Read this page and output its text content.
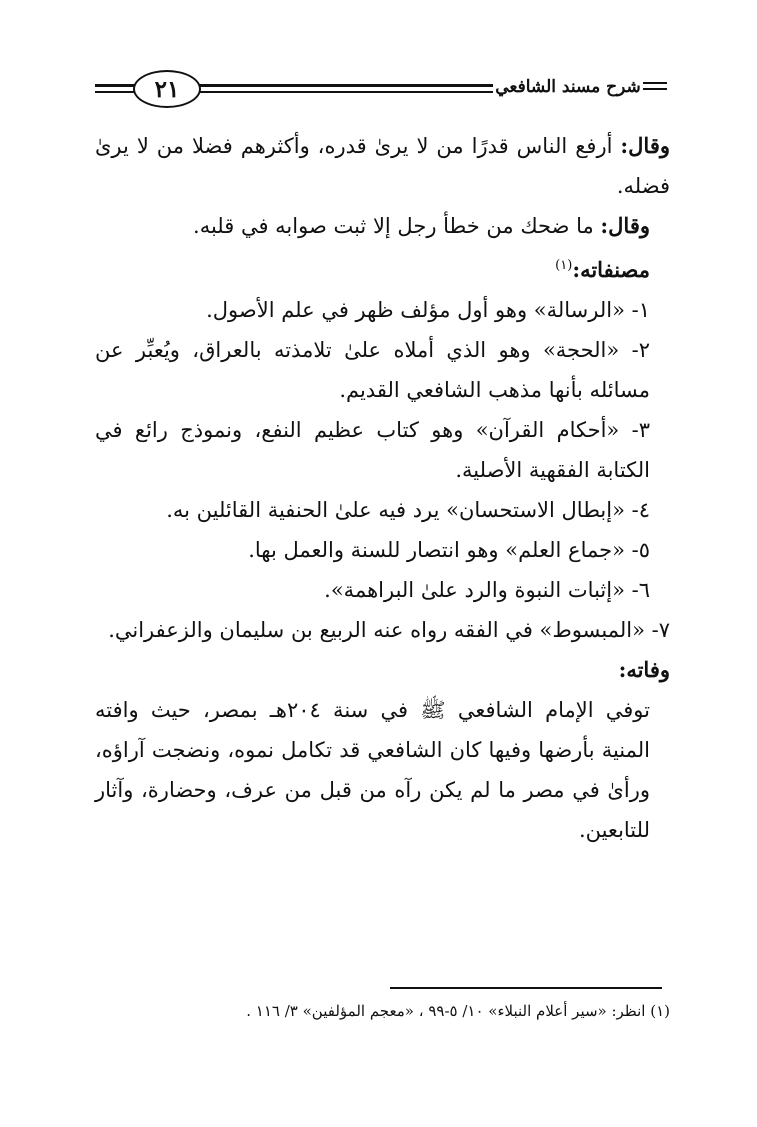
٢١	شرح مسند الشافعي

وقال: أرفع الناس قدرًا من لا يرىٰ قدره، وأكثرهم فضلا من لا يرىٰ فضله.

وقال: ما ضحك من خطأ رجل إلا ثبت صوابه في قلبه.

مصنفاته:$^{(١)}$

١- «الرسالة» وهو أول مؤلف ظهر في علم الأصول.

٢- «الحجة» وهو الذي أملاه علىٰ تلامذته بالعراق، ويُعبِّر عن مسائله بأنها مذهب الشافعي القديم.

٣- «أحكام القرآن» وهو كتاب عظيم النفع، ونموذج رائع في الكتابة الفقهية الأصلية.

٤- «إبطال الاستحسان» يرد فيه علىٰ الحنفية القائلين به.

٥- «جماع العلم» وهو انتصار للسنة والعمل بها.

٦- «إثبات النبوة والرد علىٰ البراهمة».

٧- «المبسوط» في الفقه رواه عنه الربيع بن سليمان والزعفراني.

وفاته:

توفي الإمام الشافعي ﷺ في سنة ٢٠٤هـ بمصر، حيث وافته المنية بأرضها وفيها كان الشافعي قد تكامل نموه، ونضجت آراؤه، ورأىٰ في مصر ما لم يكن رآه من قبل من عرف، وحضارة، وآثار للتابعين.

(١) انظر: «سير أعلام النبلاء» ١٠/ ٥-٩٩ ، «معجم المؤلفين» ٣/ ١١٦ .
